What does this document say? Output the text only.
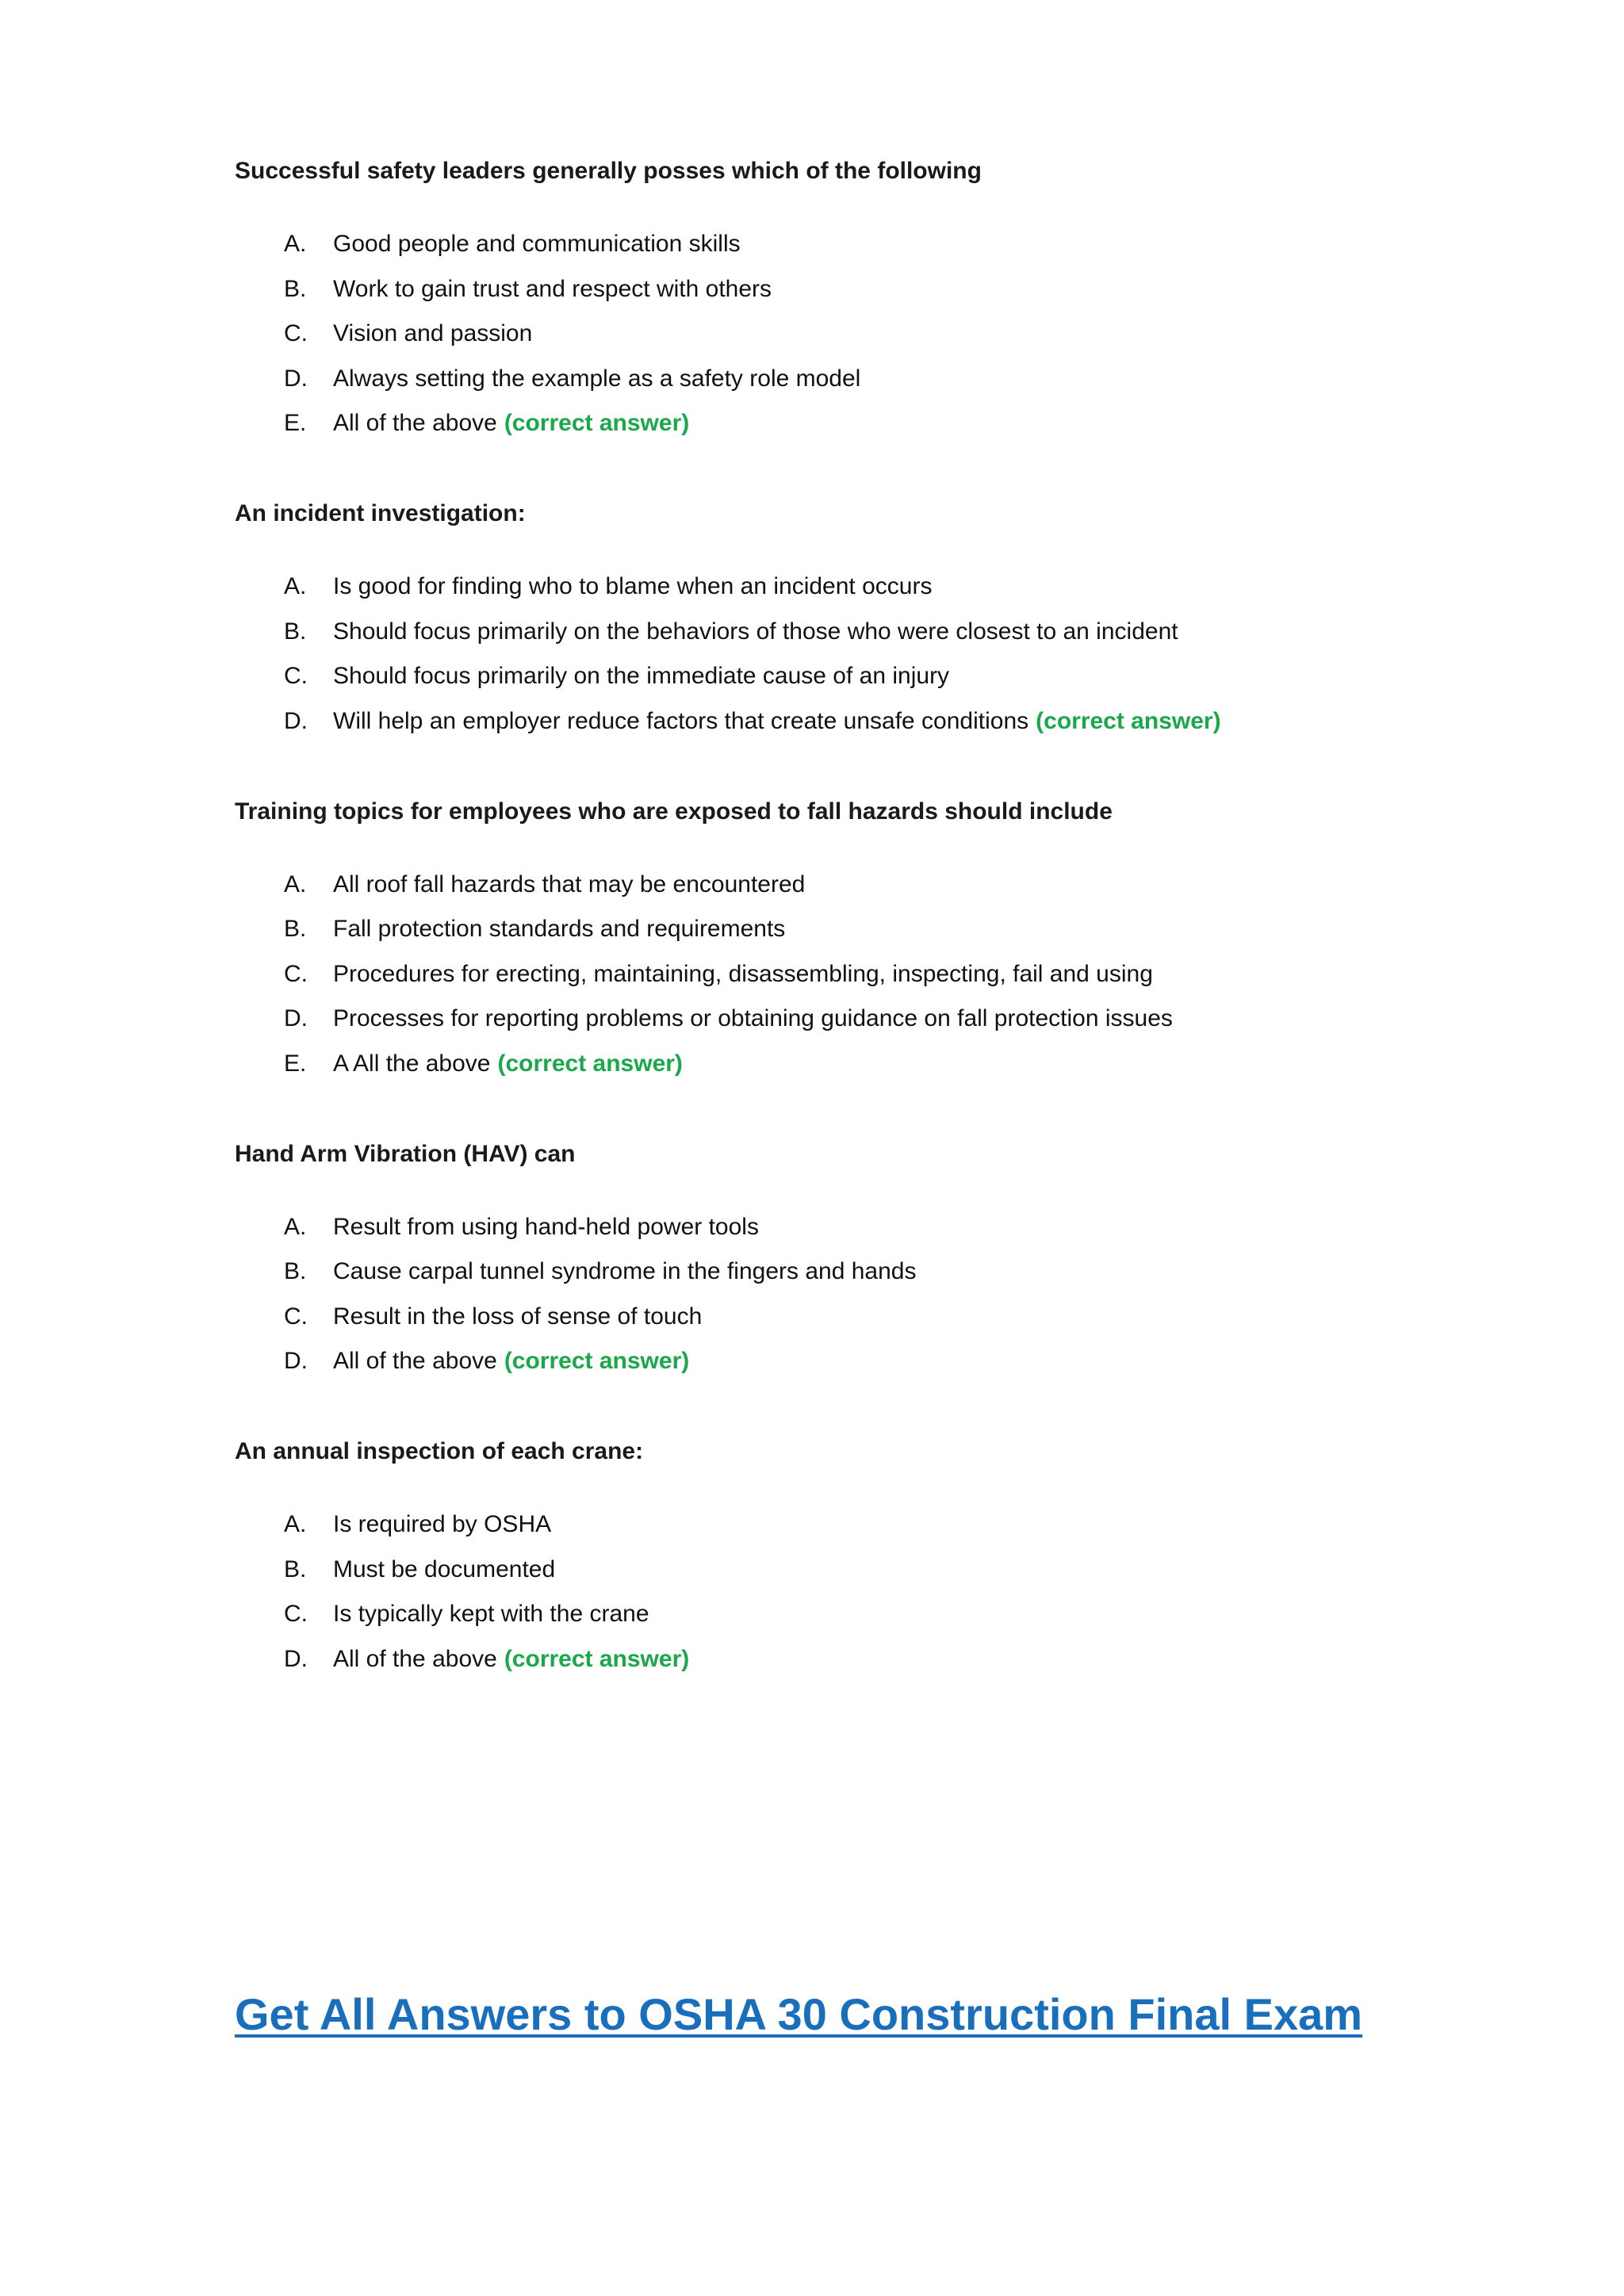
Successful safety leaders generally posses which of the following
A.	Good people and communication skills
B.	Work to gain trust and respect with others
C.	Vision and passion
D.	Always setting the example as a safety role model
E.	All of the above (correct answer)
An incident investigation:
A.	Is good for finding who to blame when an incident occurs
B.	Should focus primarily on the behaviors of those who were closest to an incident
C.	Should focus primarily on the immediate cause of an injury
D.	Will help an employer reduce factors that create unsafe conditions (correct answer)
Training topics for employees who are exposed to fall hazards should include
A.	All roof fall hazards that may be encountered
B.	Fall protection standards and requirements
C.	Procedures for erecting, maintaining, disassembling, inspecting, fail and using
D.	Processes for reporting problems or obtaining guidance on fall protection issues
E.	A All the above (correct answer)
Hand Arm Vibration (HAV) can
A.	Result from using hand-held power tools
B.	Cause carpal tunnel syndrome in the fingers and hands
C.	Result in the loss of sense of touch
D.	All of the above (correct answer)
An annual inspection of each crane:
A.	Is required by OSHA
B.	Must be documented
C.	Is typically kept with the crane
D.	All of the above (correct answer)
Get All Answers to OSHA 30 Construction Final Exam
